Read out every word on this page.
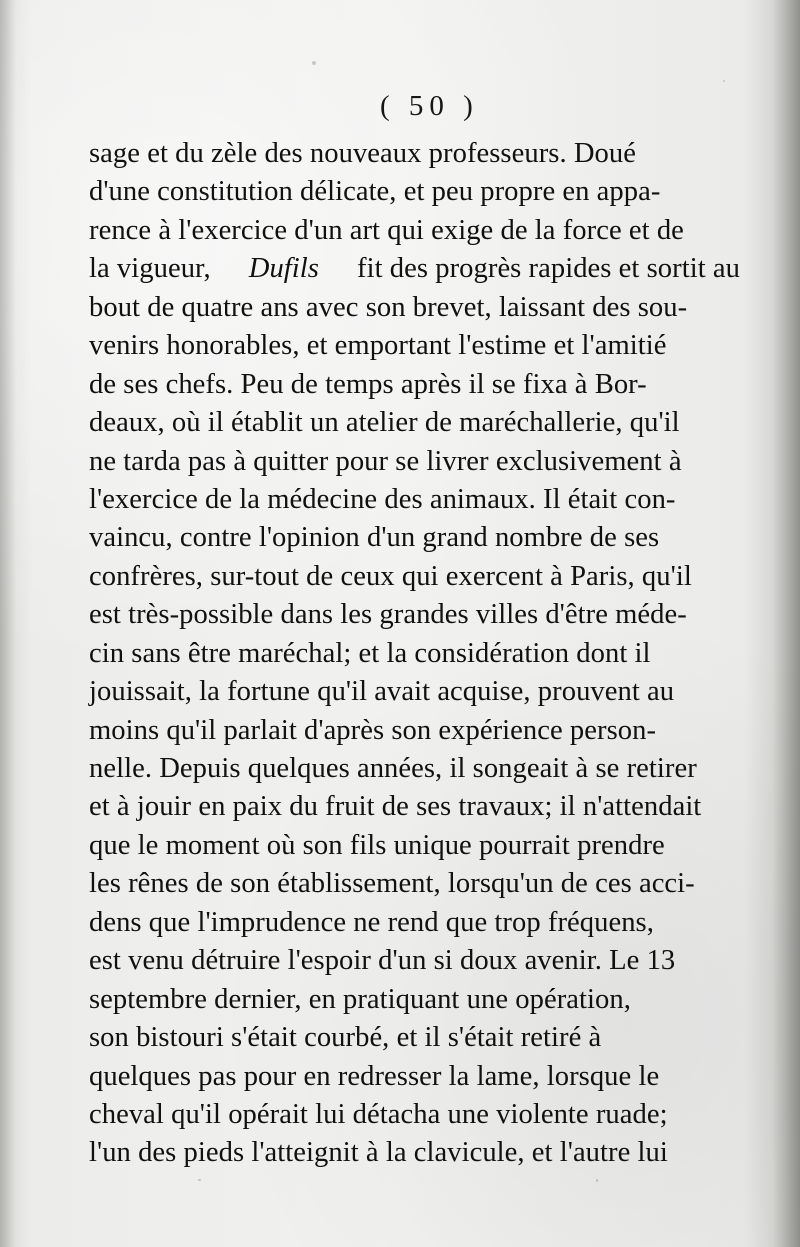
( 50 )
sage et du zèle des nouveaux professeurs. Doué
d'une constitution délicate, et peu propre en appa-
rence à l'exercice d'un art qui exige de la force et de
la vigueur, Dufils fit des progrès rapides et sortit au
bout de quatre ans avec son brevet, laissant des sou-
venirs honorables, et emportant l'estime et l'amitié
de ses chefs. Peu de temps après il se fixa à Bor-
deaux, où il établit un atelier de maréchallerie, qu'il
ne tarda pas à quitter pour se livrer exclusivement à
l'exercice de la médecine des animaux. Il était con-
vaincu, contre l'opinion d'un grand nombre de ses
confrères, sur-tout de ceux qui exercent à Paris, qu'il
est très-possible dans les grandes villes d'être méde-
cin sans être maréchal; et la considération dont il
jouissait, la fortune qu'il avait acquise, prouvent au
moins qu'il parlait d'après son expérience person-
nelle. Depuis quelques années, il songeait à se retirer
et à jouir en paix du fruit de ses travaux; il n'attendait
que le moment où son fils unique pourrait prendre
les rênes de son établissement, lorsqu'un de ces acci-
dens que l'imprudence ne rend que trop fréquens,
est venu détruire l'espoir d'un si doux avenir. Le 13
septembre dernier, en pratiquant une opération,
son bistouri s'était courbé, et il s'était retiré à
quelques pas pour en redresser la lame, lorsque le
cheval qu'il opérait lui détacha une violente ruade;
l'un des pieds l'atteignit à la clavicule, et l'autre lui
